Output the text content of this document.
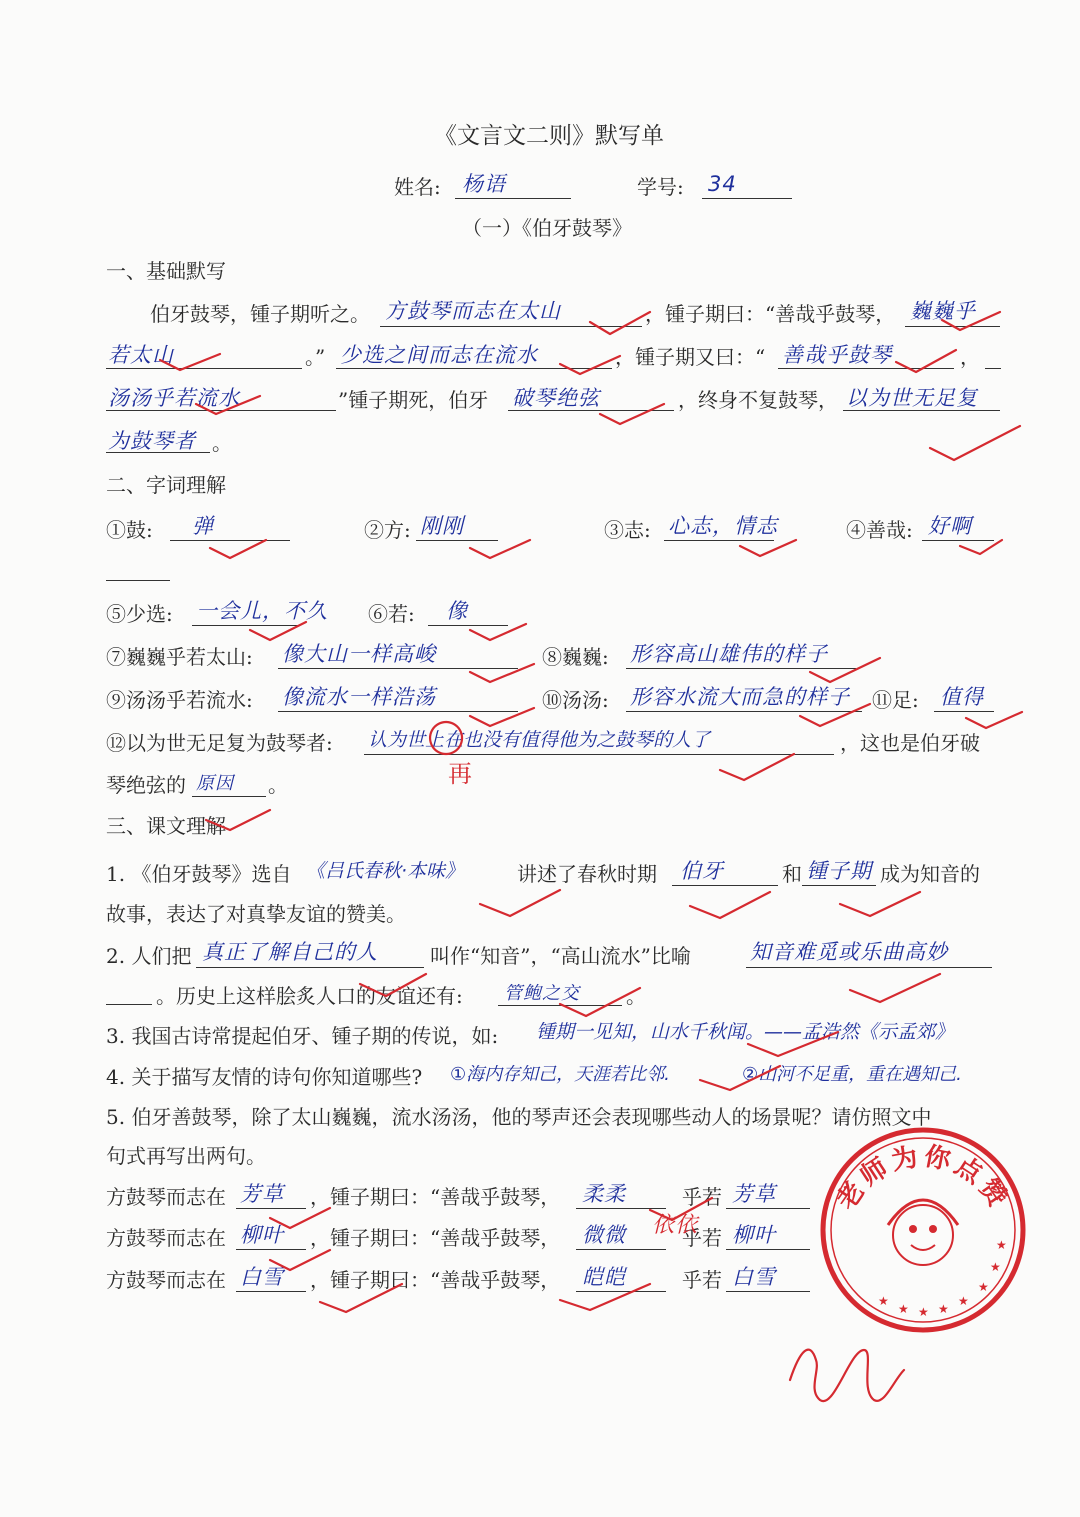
《文言文二则》默写单
姓名: 杨语	学号: 34
（一）《伯牙鼓琴》
一、基础默写
伯牙鼓琴，锺子期听之。 方鼓琴而志在太山	，锺子期曰：“善哉乎鼓琴， 巍巍乎
若太山	。” 少选之间而志在流水	，锺子期又曰：“ 善哉乎鼓琴	，
汤汤乎若流水	”锺子期死，伯牙 破琴绝弦	，终身不复鼓琴， 以为世无足复
为鼓琴者 。
二、字词理解
①鼓: 弹	②方: 刚刚	③志: 心志，情志	④善哉: 好啊
⑤少选: 一会儿，不久 ⑥若: 像
⑦巍巍乎若太山: 像大山一样高峻	⑧巍巍: 形容高山雄伟的样子
⑨汤汤乎若流水: 像流水一样浩荡	⑩汤汤: 形容水流大而急的样子 ⑪足: 值得
⑫以为世无足复为鼓琴者: 认为世上在也没有值得他为之鼓琴的人了	，这也是伯牙破
琴绝弦的 原因 。	再
三、课文理解
1. 《伯牙鼓琴》选自 《吕氏春秋·本味》	讲述了春秋时期 伯牙	和 锺子期 成为知音的
故事，表达了对真挚友谊的赞美。
2. 人们把 真正了解自己的人	叫作“知音”，“高山流水”比喻	知音难觅或乐曲高妙
。历史上这样脍炙人口的友谊还有: 管鲍之交 。
3. 我国古诗常提起伯牙、锺子期的传说，如: 锺期一见知，山水千秋闻。——孟浩然《示孟郊》
4. 关于描写友情的诗句你知道哪些? ①海内存知己，天涯若比邻.	②山河不足重，重在遇知己.
5. 伯牙善鼓琴，除了太山巍巍，流水汤汤，他的琴声还会表现哪些动人的场景呢？请仿照文中
句式再写出两句。
方鼓琴而志在 芳草 ，锺子期曰：“善哉乎鼓琴， 柔柔	乎若 芳草
方鼓琴而志在 柳叶 ，锺子期曰：“善哉乎鼓琴， 微微	乎若 柳叶
依依
方鼓琴而志在 白雪 ，锺子期曰：“善哉乎鼓琴， 皑皑	乎若 白雪
老师为你点赞
★
★ ★ ★
★
★
★
★
